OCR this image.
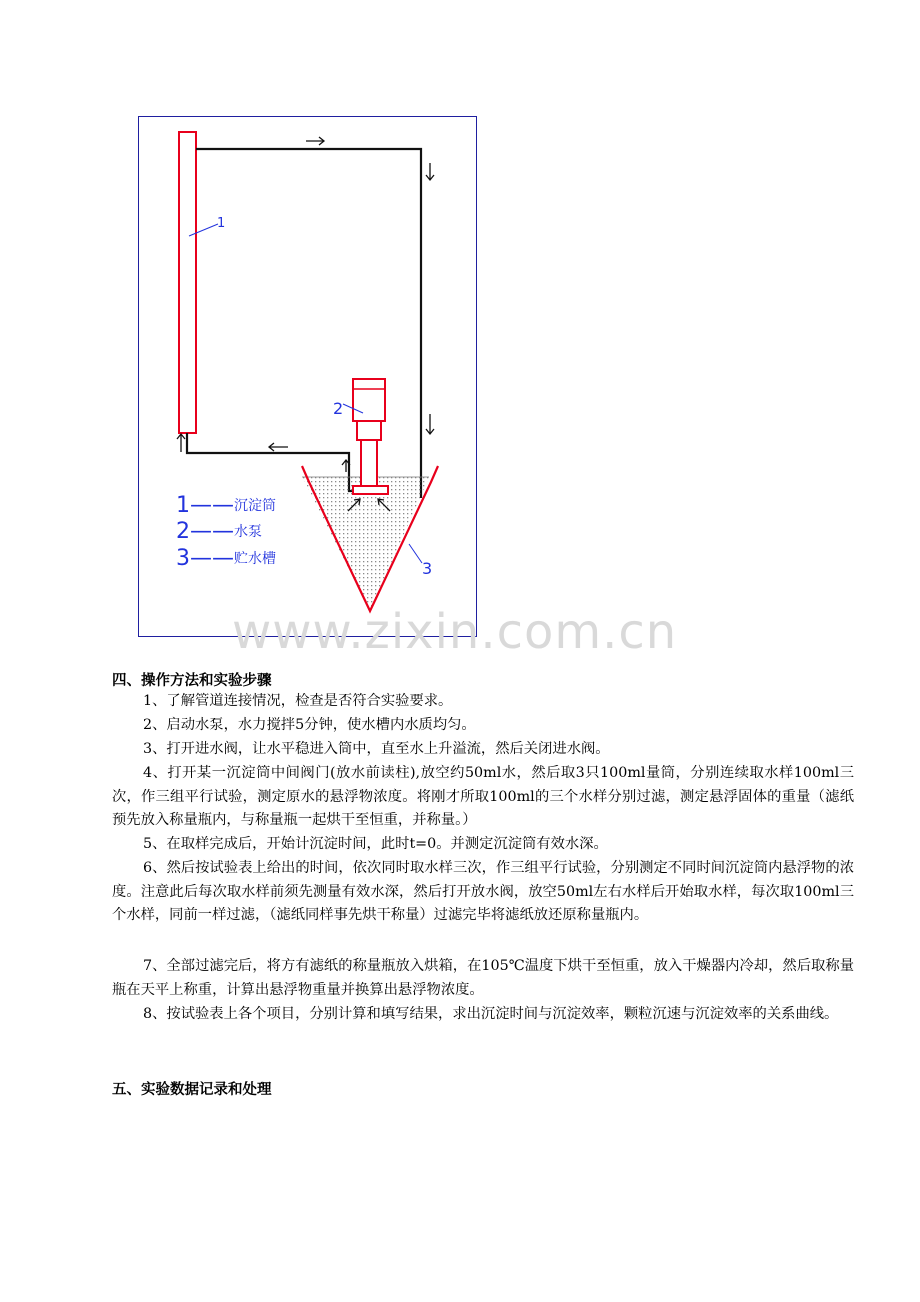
1
2
3
1—— 沉淀筒
2—— 水泵
3—— 贮水槽
www.zixin.com.cn
四、操作方法和实验步骤
1、了解管道连接情况，检查是否符合实验要求。
2、启动水泵，水力搅拌5分钟，使水槽内水质均匀。
3、打开进水阀，让水平稳进入筒中，直至水上升溢流，然后关闭进水阀。
4、打开某一沉淀筒中间阀门(放水前读柱),放空约50ml水，然后取3只100ml量筒，分别连续取水样100ml三次，作三组平行试验，测定原水的悬浮物浓度。将刚才所取100ml的三个水样分别过滤，测定悬浮固体的重量（滤纸预先放入称量瓶内，与称量瓶一起烘干至恒重，并称量。）
5、在取样完成后，开始计沉淀时间，此时t=0。并测定沉淀筒有效水深。
6、然后按试验表上给出的时间，依次同时取水样三次，作三组平行试验，分别测定不同时间沉淀筒内悬浮物的浓度。注意此后每次取水样前须先测量有效水深，然后打开放水阀，放空50ml左右水样后开始取水样，每次取100ml三个水样，同前一样过滤，（滤纸同样事先烘干称量）过滤完毕将滤纸放还原称量瓶内。
7、全部过滤完后，将方有滤纸的称量瓶放入烘箱，在105℃温度下烘干至恒重，放入干燥器内冷却，然后取称量瓶在天平上称重，计算出悬浮物重量并换算出悬浮物浓度。
8、按试验表上各个项目，分别计算和填写结果，求出沉淀时间与沉淀效率，颗粒沉速与沉淀效率的关系曲线。
五、实验数据记录和处理
